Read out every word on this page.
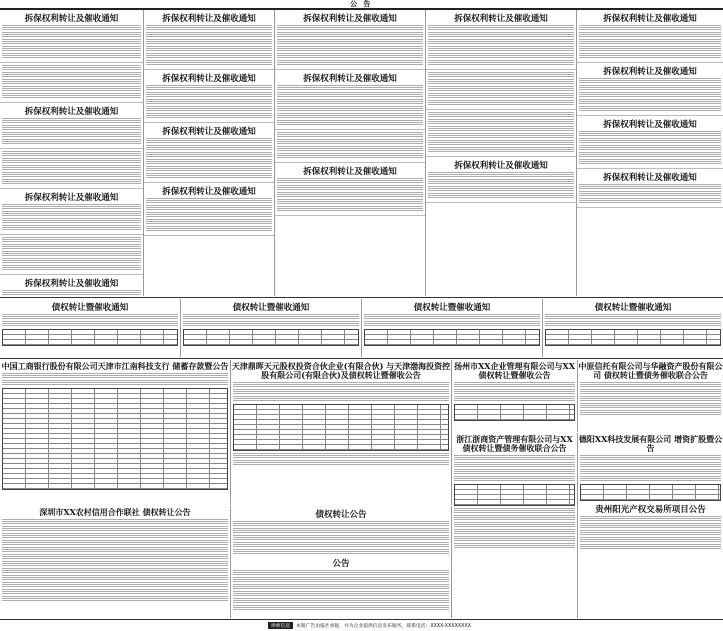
公 告
拆保权利转让及催收通知
拆保权利转让及催收通知
拆保权利转让及催收通知
拆保权利转让及催收通知
拆保权利转让及催收通知
拆保权利转让及催收通知
拆保权利转让及催收通知
拆保权利转让及催收通知
拆保权利转让及催收通知
拆保权利转让及催收通知
拆保权利转让及催收通知
拆保权利转让及催收通知
拆保权利转让及催收通知
拆保权利转让及催收通知
拆保权利转让及催收通知
拆保权利转让及催收通知
拆保权利转让及催收通知
债权转让暨催收通知	债权转让暨催收通知	债权转让暨催收通知	债权转让暨催收通知
中国工商银行股份有限公司天津市江南科技支行 储蓄存款暨公告
深圳市XX农村信用合作联社 债权转让公告
天津鼎晖天元股权投资合伙企业(有限合伙) 与天津渤海投资控股有限公司(有限合伙)及债权转让暨催收公告
债权转让公告
公告
扬州市XX企业管理有限公司与XX 债权转让暨催收公告
浙江浙商资产管理有限公司与XX 债权转让暨债务催收联合公告
中原信托有限公司与华融资产股份有限公司 债权转让暨债务催收联合公告
德阳XX科技发展有限公司 增资扩股暨公告
贵州阳光产权交易所项目公告
律师信息	本版广告由报社承接，并为企业提供信息发布服务，联系电话：XXXX-XXXXXXXX
